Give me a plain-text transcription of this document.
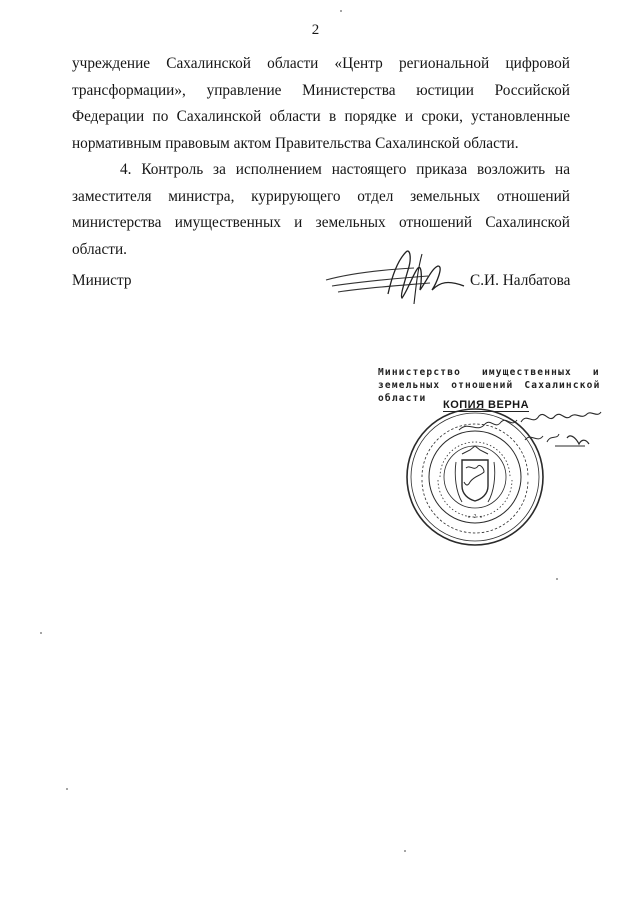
2

учреждение Сахалинской области «Центр региональной цифровой трансформации», управление Министерства юстиции Российской Федерации по Сахалинской области в порядке и сроки, установленные нормативным правовым актом Правительства Сахалинской области.

4. Контроль за исполнением настоящего приказа возложить на заместителя министра, курирующего отдел земельных отношений министерства имущественных и земельных отношений Сахалинской области.

Министр	С.И. Налбатова
Министерство имущественных и
земельных отношений Сахалинской
области
★ 2 ★
КОПИЯ ВЕРНА
